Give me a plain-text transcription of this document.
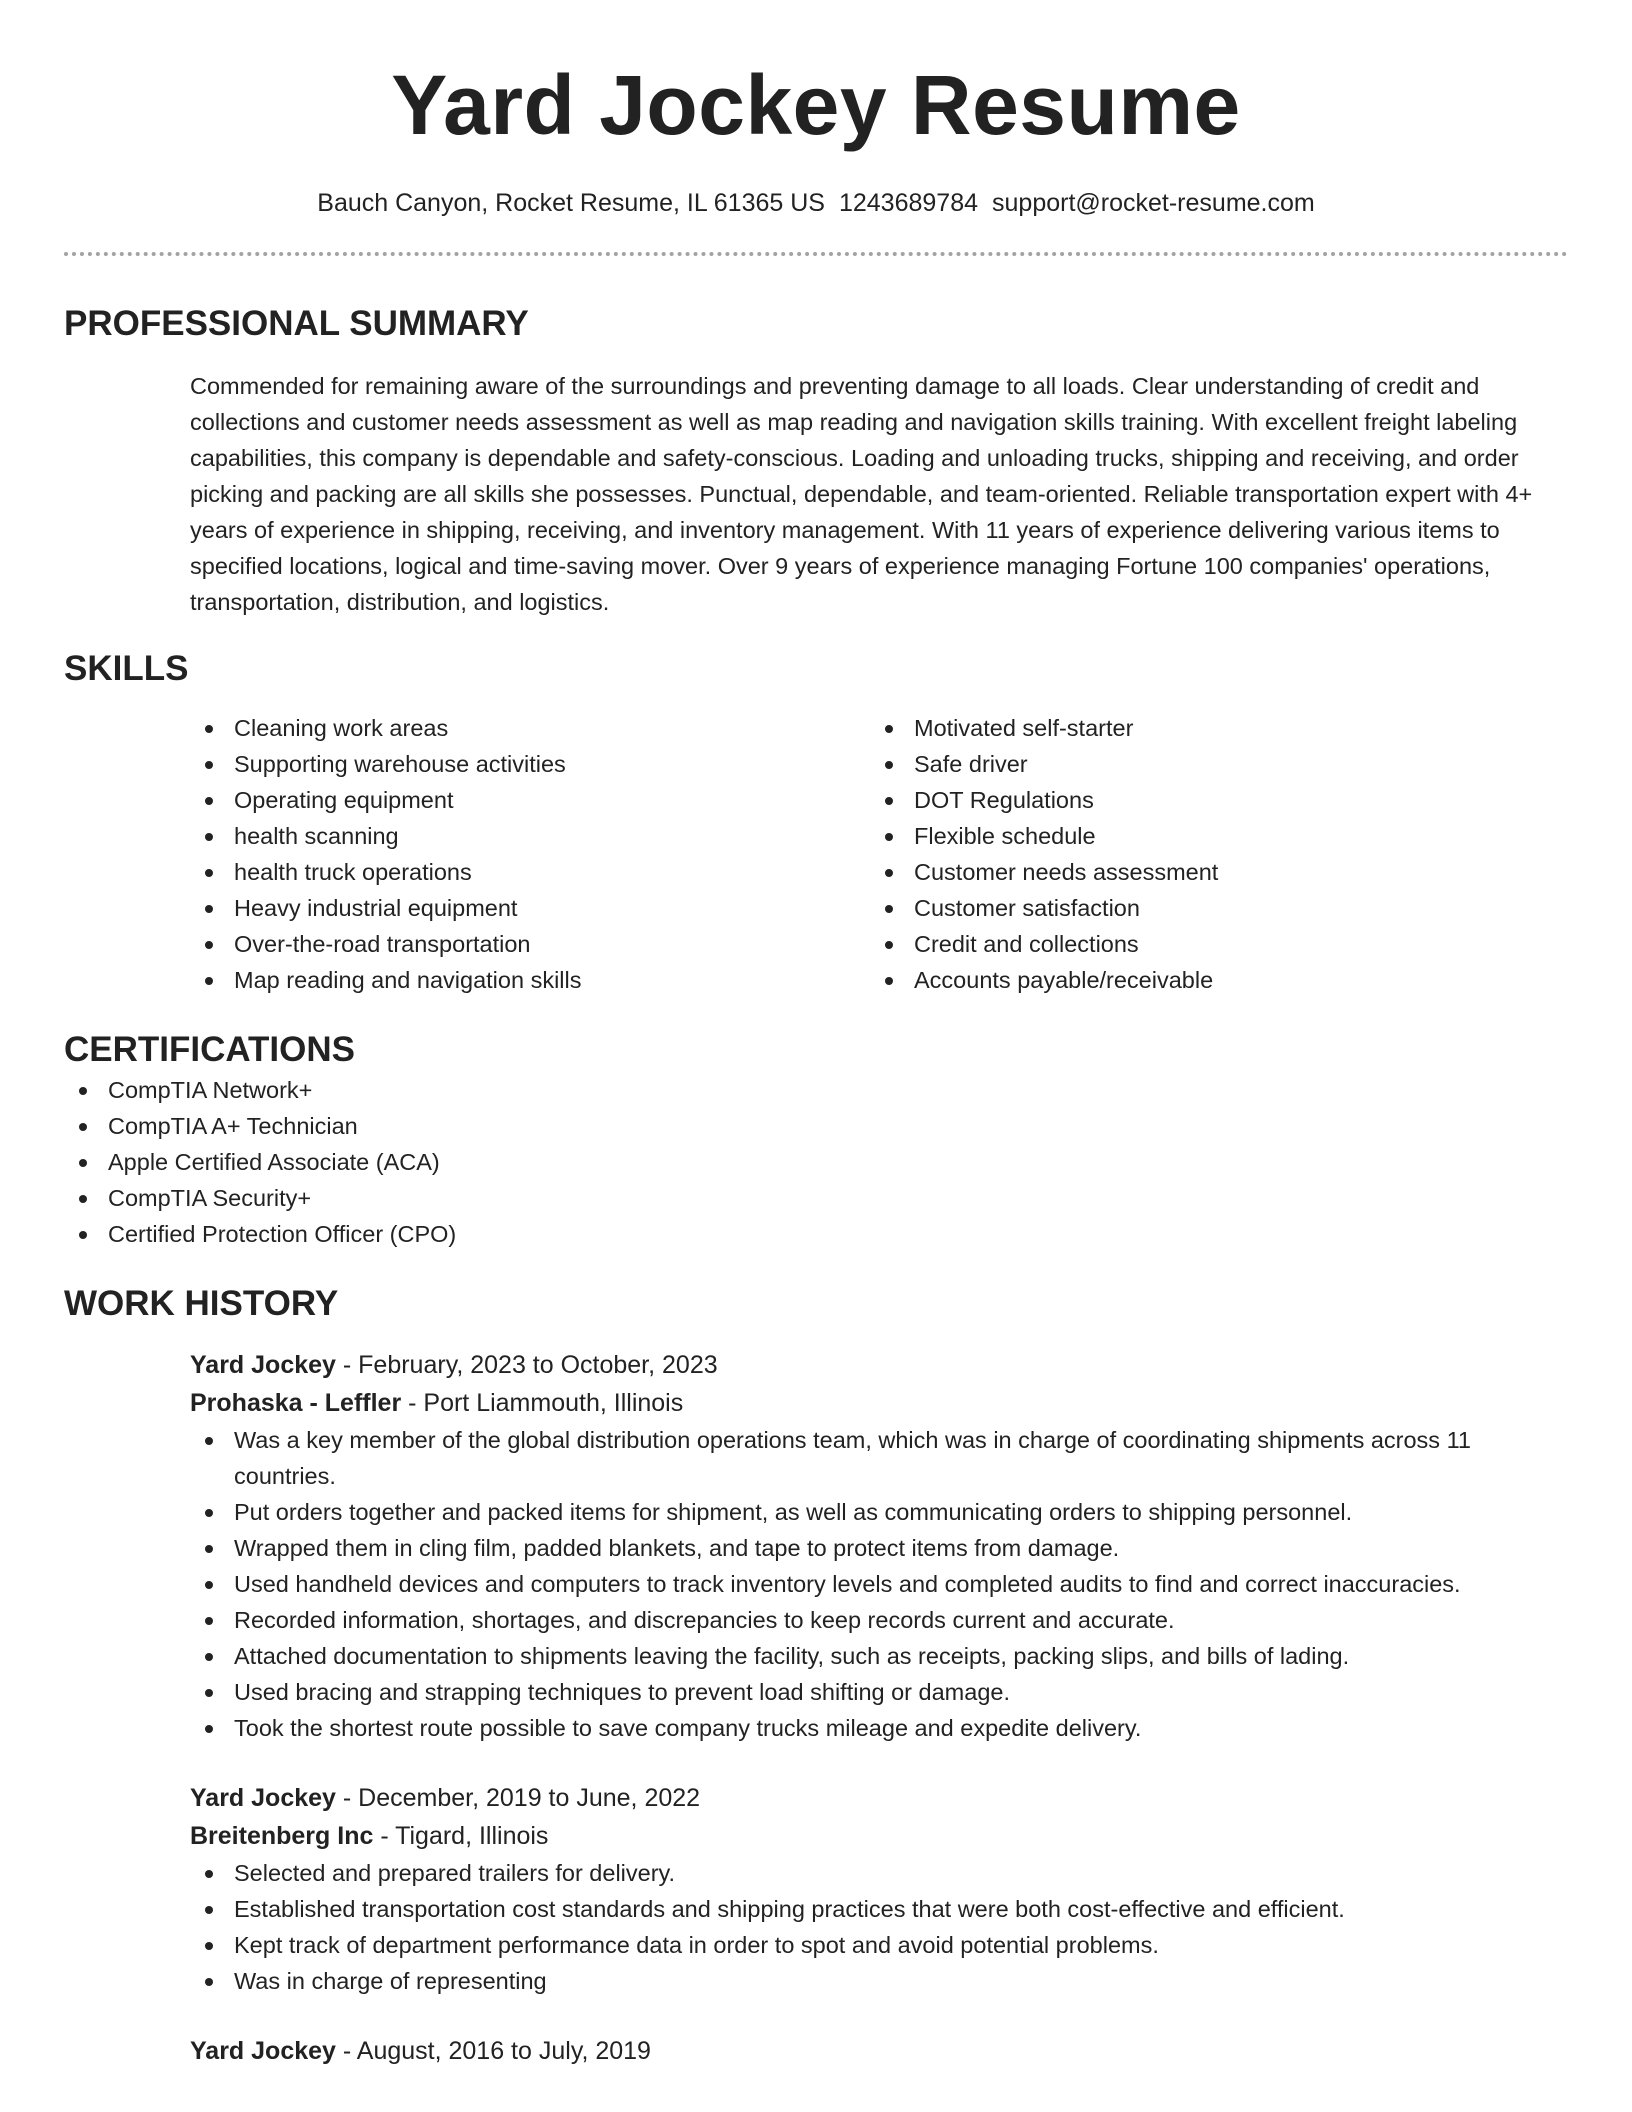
Yard Jockey Resume
Bauch Canyon, Rocket Resume, IL 61365 US 1243689784 support@rocket-resume.com
PROFESSIONAL SUMMARY
Commended for remaining aware of the surroundings and preventing damage to all loads. Clear understanding of credit and collections and customer needs assessment as well as map reading and navigation skills training. With excellent freight labeling capabilities, this company is dependable and safety-conscious. Loading and unloading trucks, shipping and receiving, and order picking and packing are all skills she possesses. Punctual, dependable, and team-oriented. Reliable transportation expert with 4+ years of experience in shipping, receiving, and inventory management. With 11 years of experience delivering various items to specified locations, logical and time-saving mover. Over 9 years of experience managing Fortune 100 companies' operations, transportation, distribution, and logistics.
SKILLS
Cleaning work areas
Supporting warehouse activities
Operating equipment
health scanning
health truck operations
Heavy industrial equipment
Over-the-road transportation
Map reading and navigation skills
Motivated self-starter
Safe driver
DOT Regulations
Flexible schedule
Customer needs assessment
Customer satisfaction
Credit and collections
Accounts payable/receivable
CERTIFICATIONS
CompTIA Network+
CompTIA A+ Technician
Apple Certified Associate (ACA)
CompTIA Security+
Certified Protection Officer (CPO)
WORK HISTORY
Yard Jockey - February, 2023 to October, 2023
Prohaska - Leffler - Port Liammouth, Illinois
Was a key member of the global distribution operations team, which was in charge of coordinating shipments across 11 countries.
Put orders together and packed items for shipment, as well as communicating orders to shipping personnel.
Wrapped them in cling film, padded blankets, and tape to protect items from damage.
Used handheld devices and computers to track inventory levels and completed audits to find and correct inaccuracies.
Recorded information, shortages, and discrepancies to keep records current and accurate.
Attached documentation to shipments leaving the facility, such as receipts, packing slips, and bills of lading.
Used bracing and strapping techniques to prevent load shifting or damage.
Took the shortest route possible to save company trucks mileage and expedite delivery.
Yard Jockey - December, 2019 to June, 2022
Breitenberg Inc - Tigard, Illinois
Selected and prepared trailers for delivery.
Established transportation cost standards and shipping practices that were both cost-effective and efficient.
Kept track of department performance data in order to spot and avoid potential problems.
Was in charge of representing
Yard Jockey - August, 2016 to July, 2019
